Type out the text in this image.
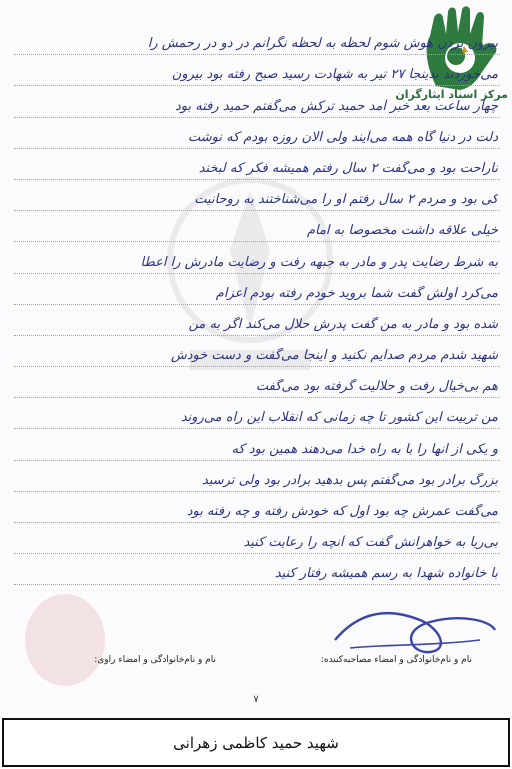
مرکز اسناد ایثارگران
بیرون بردن هوش شوم لحظه به لحظه نگرانم در دو در رحمش را
می‌خوردند بدینجا ۲۷ تیر به شهادت رسید صبح رفته بود بیرون
چهار ساعت بعد خبر آمد حمید ترکش می‌گفتم حمید رفته بود
دلت در دنیا گاه همه می‌آیند ولی الان روزه بودم که نوشت
ناراحت بود و می‌گفت ۲ سال رفتم همیشه فکر که لبخند
کی بود و مردم ۲ سال رفتم او را می‌شناختند به روحانیت
خیلی علاقه داشت مخصوصا به امام
به شرط رضایت پدر و مادر به جبهه رفت و رضایت مادرش را اعطا
می‌کرد اولش گفت شما بروید خودم رفته بودم اعزام
شده بود و مادر به من گفت پدرش حلال می‌کند اگر به من
شهید شدم مردم صدایم نکنید و اینجا می‌گفت و دست خودش
هم بی‌خیال رفت و حلالیت گرفته بود می‌گفت
من تربیت این کشور تا چه زمانی که انقلاب این راه می‌روند
و یکی از انها را با به راه خدا می‌دهند همین بود که
بزرگ برادر بود می‌گفتم پس بدهید برادر بود ولی ترسید
می‌گفت عمرش چه بود اول که خودش رفته و چه رفته بود
بی‌ریا به خواهرانش گفت که آنچه را رعایت کنید
با خانواده شهدا به رسم همیشه رفتار کنید
نام و نام‌خانوادگی و امضاء مصاحبه‌کننده:
نام و نام‌خانوادگی و امضاء راوی:
۷
شهید حمید کاظمی زهرانی
